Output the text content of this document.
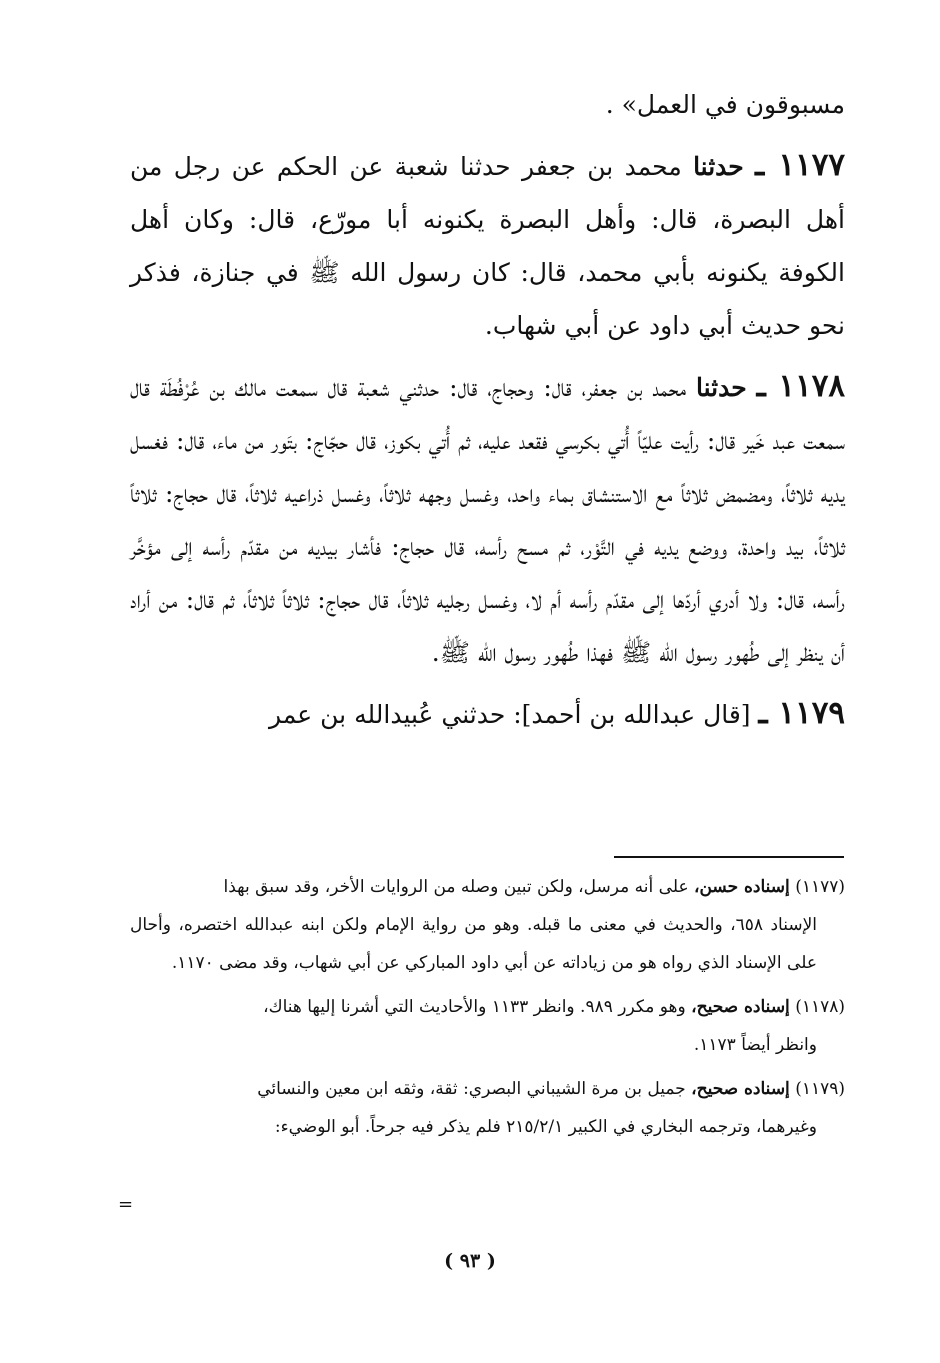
مسبوقون في العمل» .

١١٧٧ ـ حدثنا محمد بن جعفر حدثنا شعبة عن الحكم عن رجل من أهل البصرة، قال: وأهل البصرة يكنونه أبا مورّع، قال: وكان أهل الكوفة يكنونه بأبي محمد، قال: كان رسول الله ﷺ في جنازة، فذكر نحو حديث أبي داود عن أبي شهاب.

١١٧٨ ـ حدثنا محمد بن جعفر، قال: وحجاج، قال: حدثني شعبة قال سمعت مالك بن عُرْفُطَة قال سمعت عبد خَير قال: رأيت عليّاً أُتي بكرسي فقعد عليه، ثم أُتي بكوز، قال حجّاج: بتَور من ماء، قال: فغسل يديه ثلاثاً، ومضمض ثلاثاً مع الاستنشاق بماء واحد، وغسل وجهه ثلاثاً، وغسل ذراعيه ثلاثاً، قال حجاج: ثلاثاً ثلاثاً، بيد واحدة، ووضع يديه في التَّوْر، ثم مسح رأسه، قال حجاج: فأشار بيديه من مقدّم رأسه إلى مؤخَّر رأسه، قال: ولا أدري أردّها إلى مقدّم رأسه أم لا، وغسل رجليه ثلاثاً، قال حجاج: ثلاثاً ثلاثاً، ثم قال: من أراد أن ينظر إلى طُهور رسول الله ﷺ فهذا طُهور رسول الله ﷺ.

١١٧٩ ـ [قال عبدالله بن أحمد]: حدثني عُبيدالله بن عمر

(١١٧٧) إسناده حسن، على أنه مرسل، ولكن تبين وصله من الروايات الأخر، وقد سبق بهذا

الإسناد ٦٥٨، والحديث في معنى ما قبله. وهو من رواية الإمام ولكن ابنه عبدالله اختصره، وأحال على الإسناد الذي رواه هو من زياداته عن أبي داود المباركي عن أبي شهاب، وقد مضى ١١٧٠.

(١١٧٨) إسناده صحيح، وهو مكرر ٩٨٩. وانظر ١١٣٣ والأحاديث التي أشرنا إليها هناك،

وانظر أيضاً ١١٧٣.

(١١٧٩) إسناده صحيح، جميل بن مرة الشيباني البصري: ثقة، وثقه ابن معين والنسائي

وغيرهما، وترجمه البخاري في الكبير ٢١٥/٢/١ فلم يذكر فيه جرحاً. أبو الوضيء:

=
( ٩٣ )
